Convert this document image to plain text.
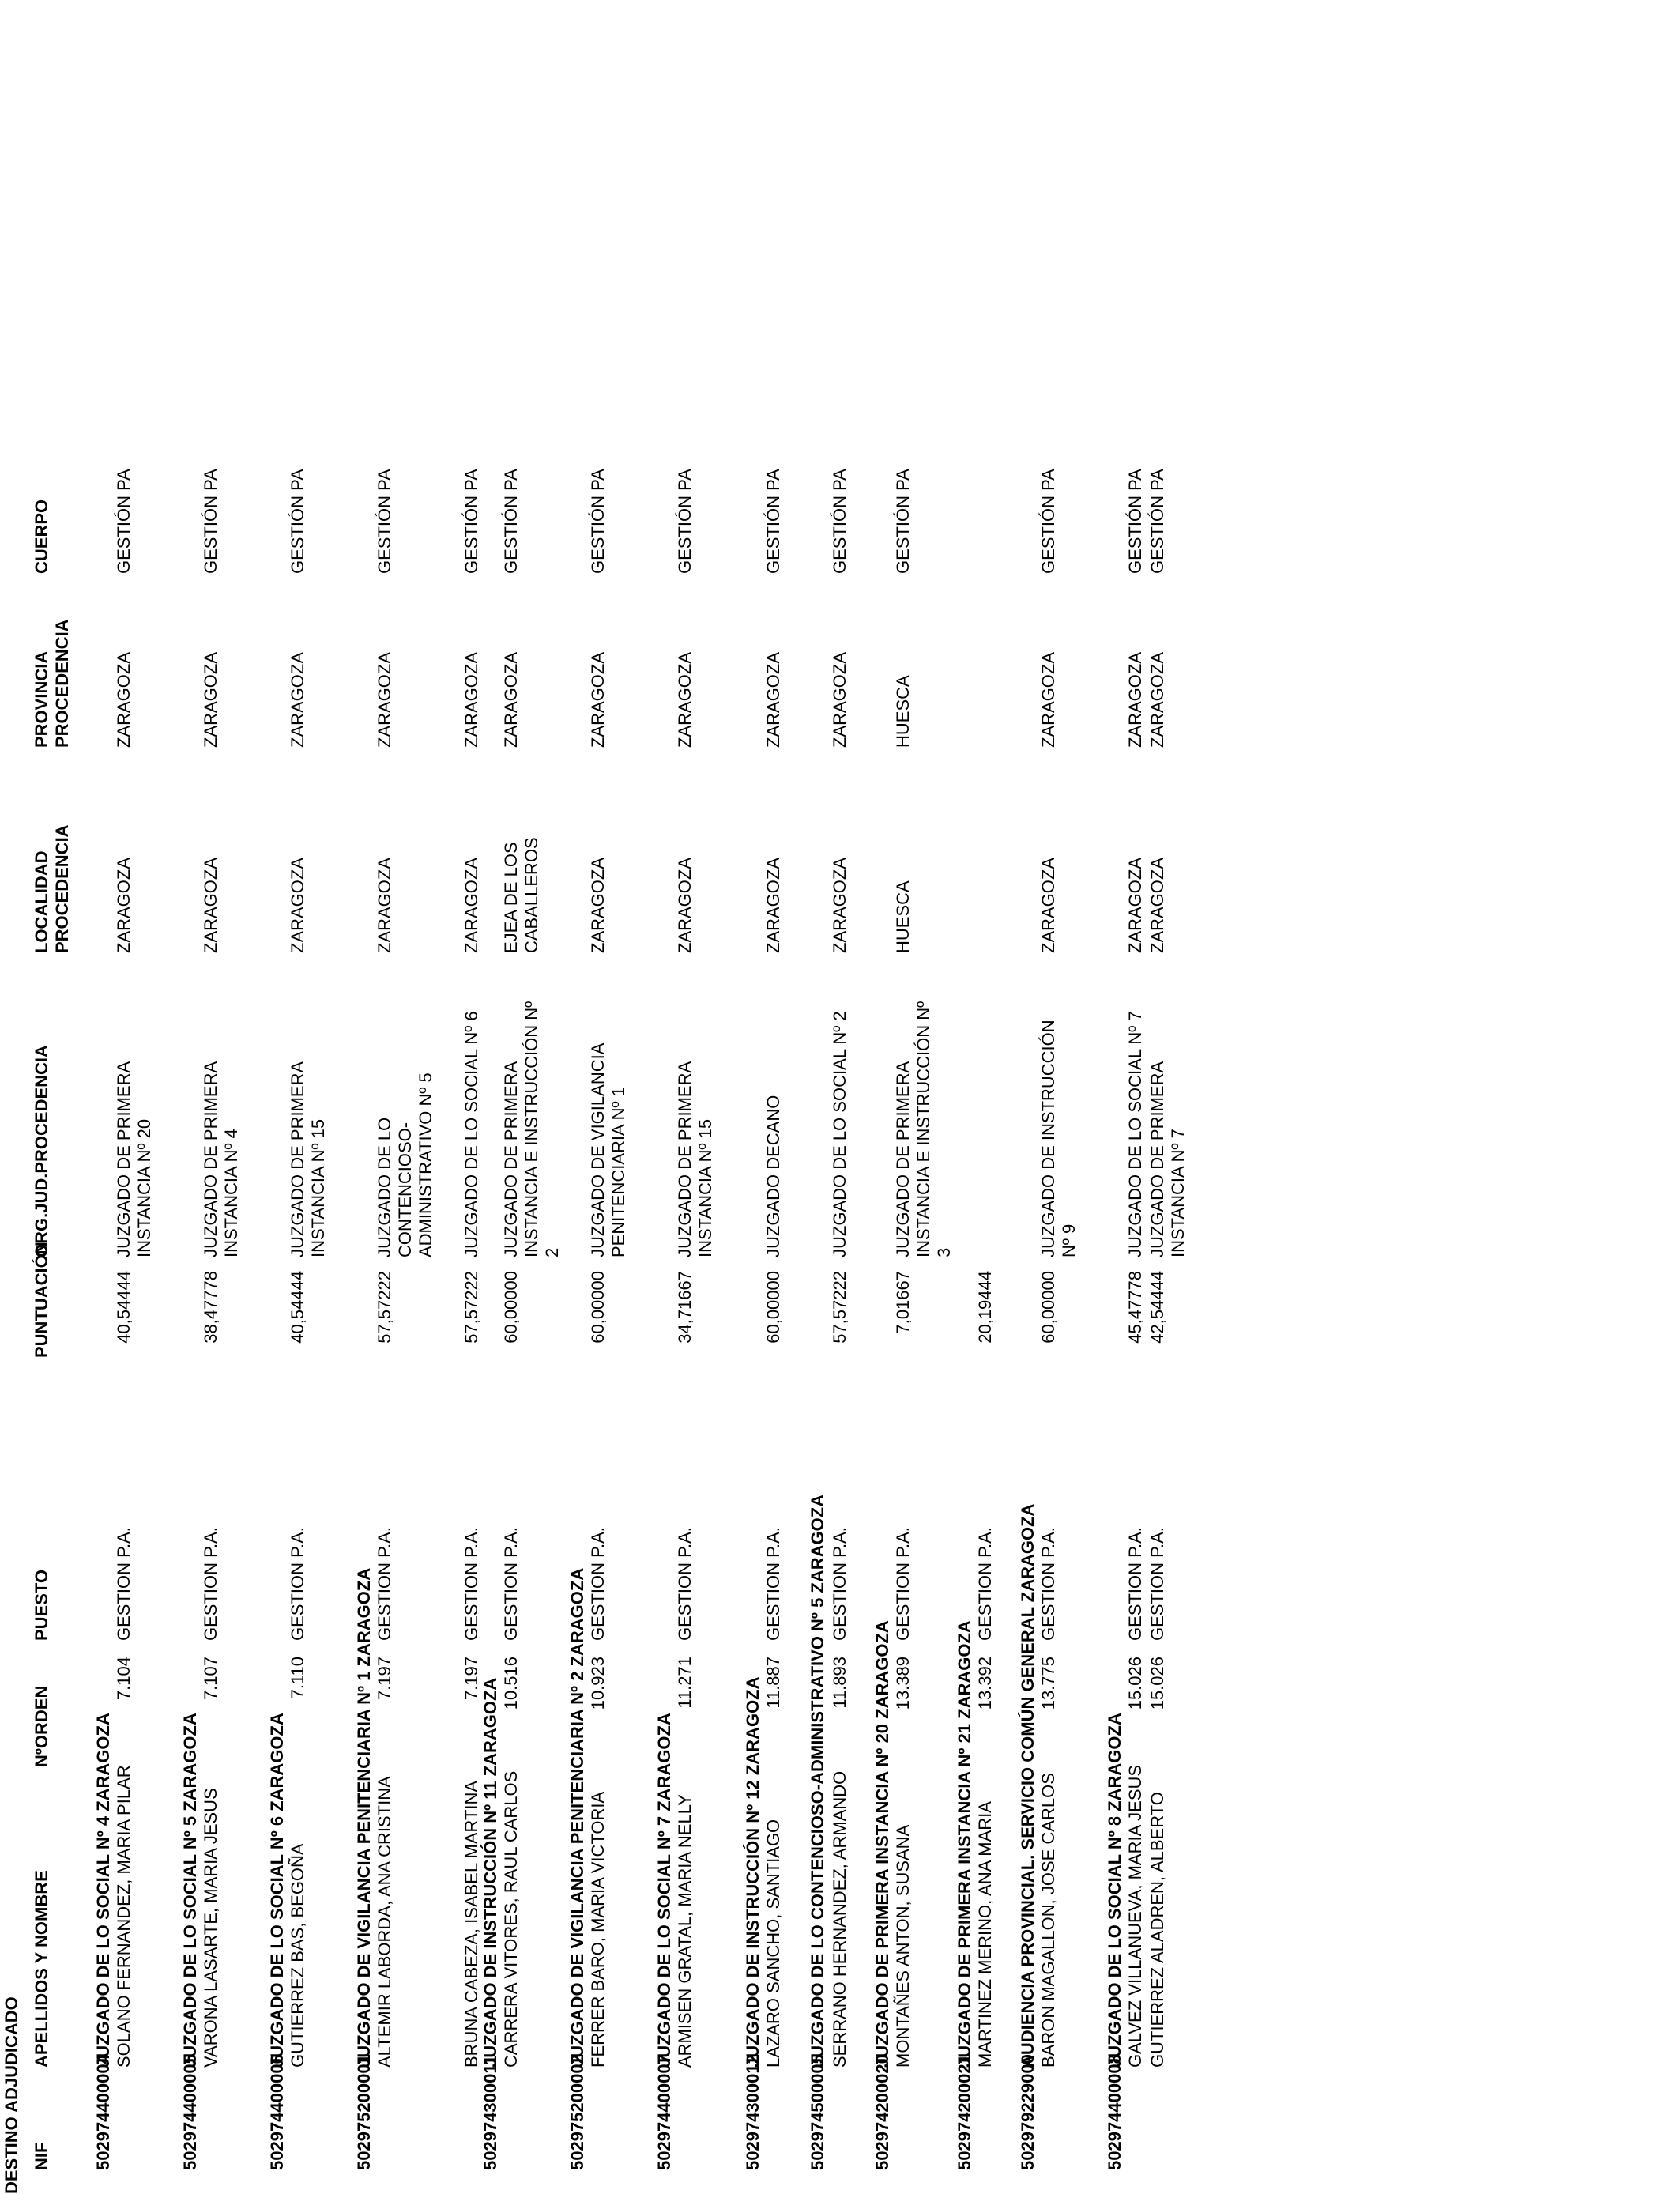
DESTINO ADJUDICADO NIF
APELLIDOS Y NOMBRE
NºORDEN
PUESTO
PUNTUACIÓN
ORG.JUD.PROCEDENCIA
LOCALIDAD PROCEDENCIA
PROVINCIA PROCEDENCIA
CUERPO
502974400004
JUZGADO DE LO SOCIAL Nº 4 ZARAGOZA SOLANO FERNANDEZ, MARIA PILAR
7.104
GESTION P.A.
40,54444
JUZGADO DE PRIMERA INSTANCIA Nº 20
ZARAGOZA
ZARAGOZA
GESTIÓN PA
502974400005
JUZGADO DE LO SOCIAL Nº 5 ZARAGOZA VARONA LASARTE, MARIA JESUS
7.107
GESTION P.A.
38,47778
JUZGADO DE PRIMERA INSTANCIA Nº 4
ZARAGOZA
ZARAGOZA
GESTIÓN PA
502974400006
JUZGADO DE LO SOCIAL Nº 6 ZARAGOZA GUTIERREZ BAS, BEGOÑA
7.110
GESTION P.A.
40,54444
JUZGADO DE PRIMERA INSTANCIA Nº 15
ZARAGOZA
ZARAGOZA
GESTIÓN PA
502975200001
JUZGADO DE VIGILANCIA PENITENCIARIA Nº 1 ZARAGOZA ALTEMIR LABORDA, ANA CRISTINA
7.197
GESTION P.A.
57,57222
JUZGADO DE LO CONTENCIOSO-ADMINISTRATIVO Nº 5
ZARAGOZA
ZARAGOZA
GESTIÓN PA
BRUNA CABEZA, ISABEL MARTINA
7.197
GESTION P.A.
57,57222
JUZGADO DE LO SOCIAL Nº 6
ZARAGOZA
ZARAGOZA
GESTIÓN PA
502974300011
JUZGADO DE INSTRUCCIÓN Nº 11 ZARAGOZA CARRERA VITORES, RAUL CARLOS
10.516
GESTION P.A.
60,00000
JUZGADO DE PRIMERA INSTANCIA E INSTRUCCIÓN Nº 2
EJEA DE LOS CABALLEROS
ZARAGOZA
GESTIÓN PA
502975200002
JUZGADO DE VIGILANCIA PENITENCIARIA Nº 2 ZARAGOZA FERRER BARO, MARIA VICTORIA
10.923
GESTION P.A.
60,00000
JUZGADO DE VIGILANCIA PENITENCIARIA Nº 1
ZARAGOZA
ZARAGOZA
GESTIÓN PA
502974400007
JUZGADO DE LO SOCIAL Nº 7 ZARAGOZA ARMISEN GRATAL, MARIA NELLY
11.271
GESTION P.A.
34,71667
JUZGADO DE PRIMERA INSTANCIA Nº 15
ZARAGOZA
ZARAGOZA
GESTIÓN PA
502974300012
JUZGADO DE INSTRUCCIÓN Nº 12 ZARAGOZA LAZARO SANCHO, SANTIAGO
11.887
GESTION P.A.
60,00000
JUZGADO DECANO
ZARAGOZA
ZARAGOZA
GESTIÓN PA
502974500005
JUZGADO DE LO CONTENCIOSO-ADMINISTRATIVO Nº 5 ZARAGOZA SERRANO HERNANDEZ, ARMANDO
11.893
GESTION P.A.
57,57222
JUZGADO DE LO SOCIAL Nº 2
ZARAGOZA
ZARAGOZA
GESTIÓN PA
502974200020
JUZGADO DE PRIMERA INSTANCIA Nº 20 ZARAGOZA MONTAÑES ANTON, SUSANA
13.389
GESTION P.A.
7,01667
JUZGADO DE PRIMERA INSTANCIA E INSTRUCCIÓN Nº 3
HUESCA
HUESCA
GESTIÓN PA
502974200021
JUZGADO DE PRIMERA INSTANCIA Nº 21 ZARAGOZA MARTINEZ MERINO, ANA MARIA
13.392
GESTION P.A.
20,19444
502979229000
AUDIENCIA PROVINCIAL. SERVICIO COMÚN GENERAL ZARAGOZA BARON MAGALLON, JOSE CARLOS
13.775
GESTION P.A.
60,00000
JUZGADO DE INSTRUCCIÓN Nº 9
ZARAGOZA
ZARAGOZA
GESTIÓN PA
502974400008
JUZGADO DE LO SOCIAL Nº 8 ZARAGOZA GALVEZ VILLANUEVA, MARIA JESUS
15.026
GESTION P.A.
45,47778
JUZGADO DE LO SOCIAL Nº 7
ZARAGOZA
ZARAGOZA
GESTIÓN PA
GUTIERREZ ALADREN, ALBERTO
15.026
GESTION P.A.
42,54444
JUZGADO DE PRIMERA INSTANCIA Nº 7
ZARAGOZA
ZARAGOZA
GESTIÓN PA
